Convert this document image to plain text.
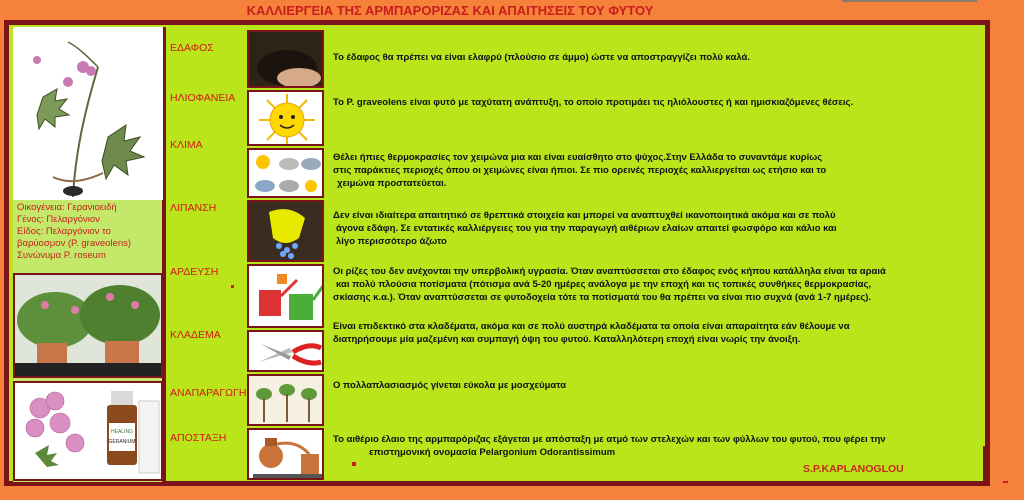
ΚΑΛΛΙΕΡΓΕΙΑ ΤΗΣ ΑΡΜΠΑΡΟΡΙΖΑΣ ΚΑΙ ΑΠΑΙΤΗΣΕΙΣ ΤΟΥ ΦΥΤΟΥ
Οικογένεια: Γερανιοειδή
Γένος: Πελαργόνιον
Είδος: Πελαργόνιον το
βαρύοσμον (P. graveolens)
Συνώνυμα P. roseum
HEALING
GERANIUM
ΕΔΑΦΟΣ
ΗΛΙΟΦΑΝΕΙΑ
ΚΛΙΜΑ
ΛΙΠΑΝΣΗ
ΑΡΔΕΥΣΗ
ΚΛΑΔΕΜΑ
ΑΝΑΠΑΡΑΓΩΓΗ
ΑΠΟΣΤΑΞΗ
Το έδαφος θα πρέπει να είναι ελαφρύ (πλούσιο σε άμμο) ώστε να αποστραγγίζει πολύ καλά.
Το P. graveolens είναι φυτό με ταχύτατη ανάπτυξη, το οποίο προτιμάει τις ηλιόλουστες ή και ημισκιαζόμενες θέσεις.
Θέλει ήπιες θερμοκρασίες τον χειμώνα μια και είναι ευαίσθητο στο ψύχος.Στην Ελλάδα το συναντάμε κυρίως
στις παράκτιες περιοχές όπου οι χειμώνες είναι ήπιοι. Σε πιο ορεινές περιοχές καλλιεργείται ως ετήσιο και το
χειμώνα προστατεύεται.
Δεν είναι ιδιαίτερα απαιτητικό σε θρεπτικά στοιχεία και μπορεί να αναπτυχθεί ικανοποιητικά ακόμα και σε πολύ
άγονα εδάφη. Σε εντατικές καλλιέργειες του για την παραγωγή αιθέριων ελαίων απαιτεί φωσφόρο και κάλιο και
λίγο περισσότερο άζωτο
Οι ρίζες του δεν ανέχονται την υπερβολική υγρασία. Όταν αναπτύσσεται στο έδαφος ενός κήπου κατάλληλα είναι τα αραιά
και πολύ πλούσια ποτίσματα (πότισμα ανά 5-20 ημέρες ανάλογα με την εποχή και τις τοπικές συνθήκες θερμοκρασίας,
σκίασης κ.α.). Όταν αναπτύσσεται σε φυτοδοχεία τότε τα ποτίσματά του θα πρέπει να είναι πιο συχνά (ανά 1-7 ημέρες).
Είναι επιδεκτικό στα κλαδέματα, ακόμα και σε πολύ αυστηρά κλαδέματα τα οποία είναι απαραίτητα εάν θέλουμε να
διατηρήσουμε μία μαζεμένη και συμπαγή όψη του φυτού. Καταλληλότερη εποχή είναι νωρίς την άνοιξη.
Ο πολλαπλασιασμός γίνεται εύκολα με μοσχεύματα
Το αιθέριο έλαιο της αρμπαρόριζας εξάγεται με απόσταξη με ατμό των στελεχών και των φύλλων του φυτού, που φέρει την
επιστημονική ονομασία Pelargonium Odorantissimum
S.P.KAPLANOGLOU
